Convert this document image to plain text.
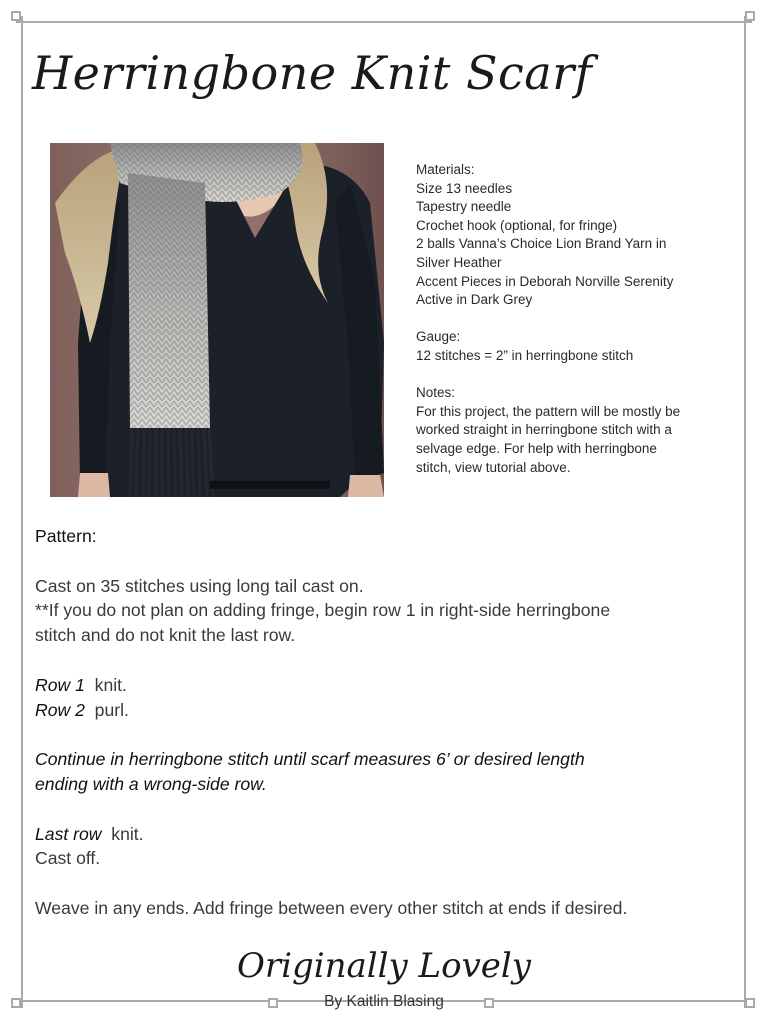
Herringbone Knit Scarf

Materials:

Size 13 needles

Tapestry needle

Crochet hook (optional, for fringe)

2 balls Vanna’s Choice Lion Brand Yarn in

Silver Heather

Accent Pieces in Deborah Norville Serenity

Active in Dark Grey

Gauge:

12 stitches = 2” in herringbone stitch

Notes:

For this project, the pattern will be mostly be

worked straight in herringbone stitch with a

selvage edge. For help with herringbone

stitch, view tutorial above.

Pattern:

Cast on 35 stitches using long tail cast on.

**If you do not plan on adding fringe, begin row 1 in right-side herringbone

stitch and do not knit the last row.

Row 1 knit.

Row 2 purl.

Continue in herringbone stitch until scarf measures 6’ or desired length

ending with a wrong-side row.

Last row knit.

Cast off.

Weave in any ends. Add fringe between every other stitch at ends if desired.

Originally Lovely
By Kaitlin Blasing
